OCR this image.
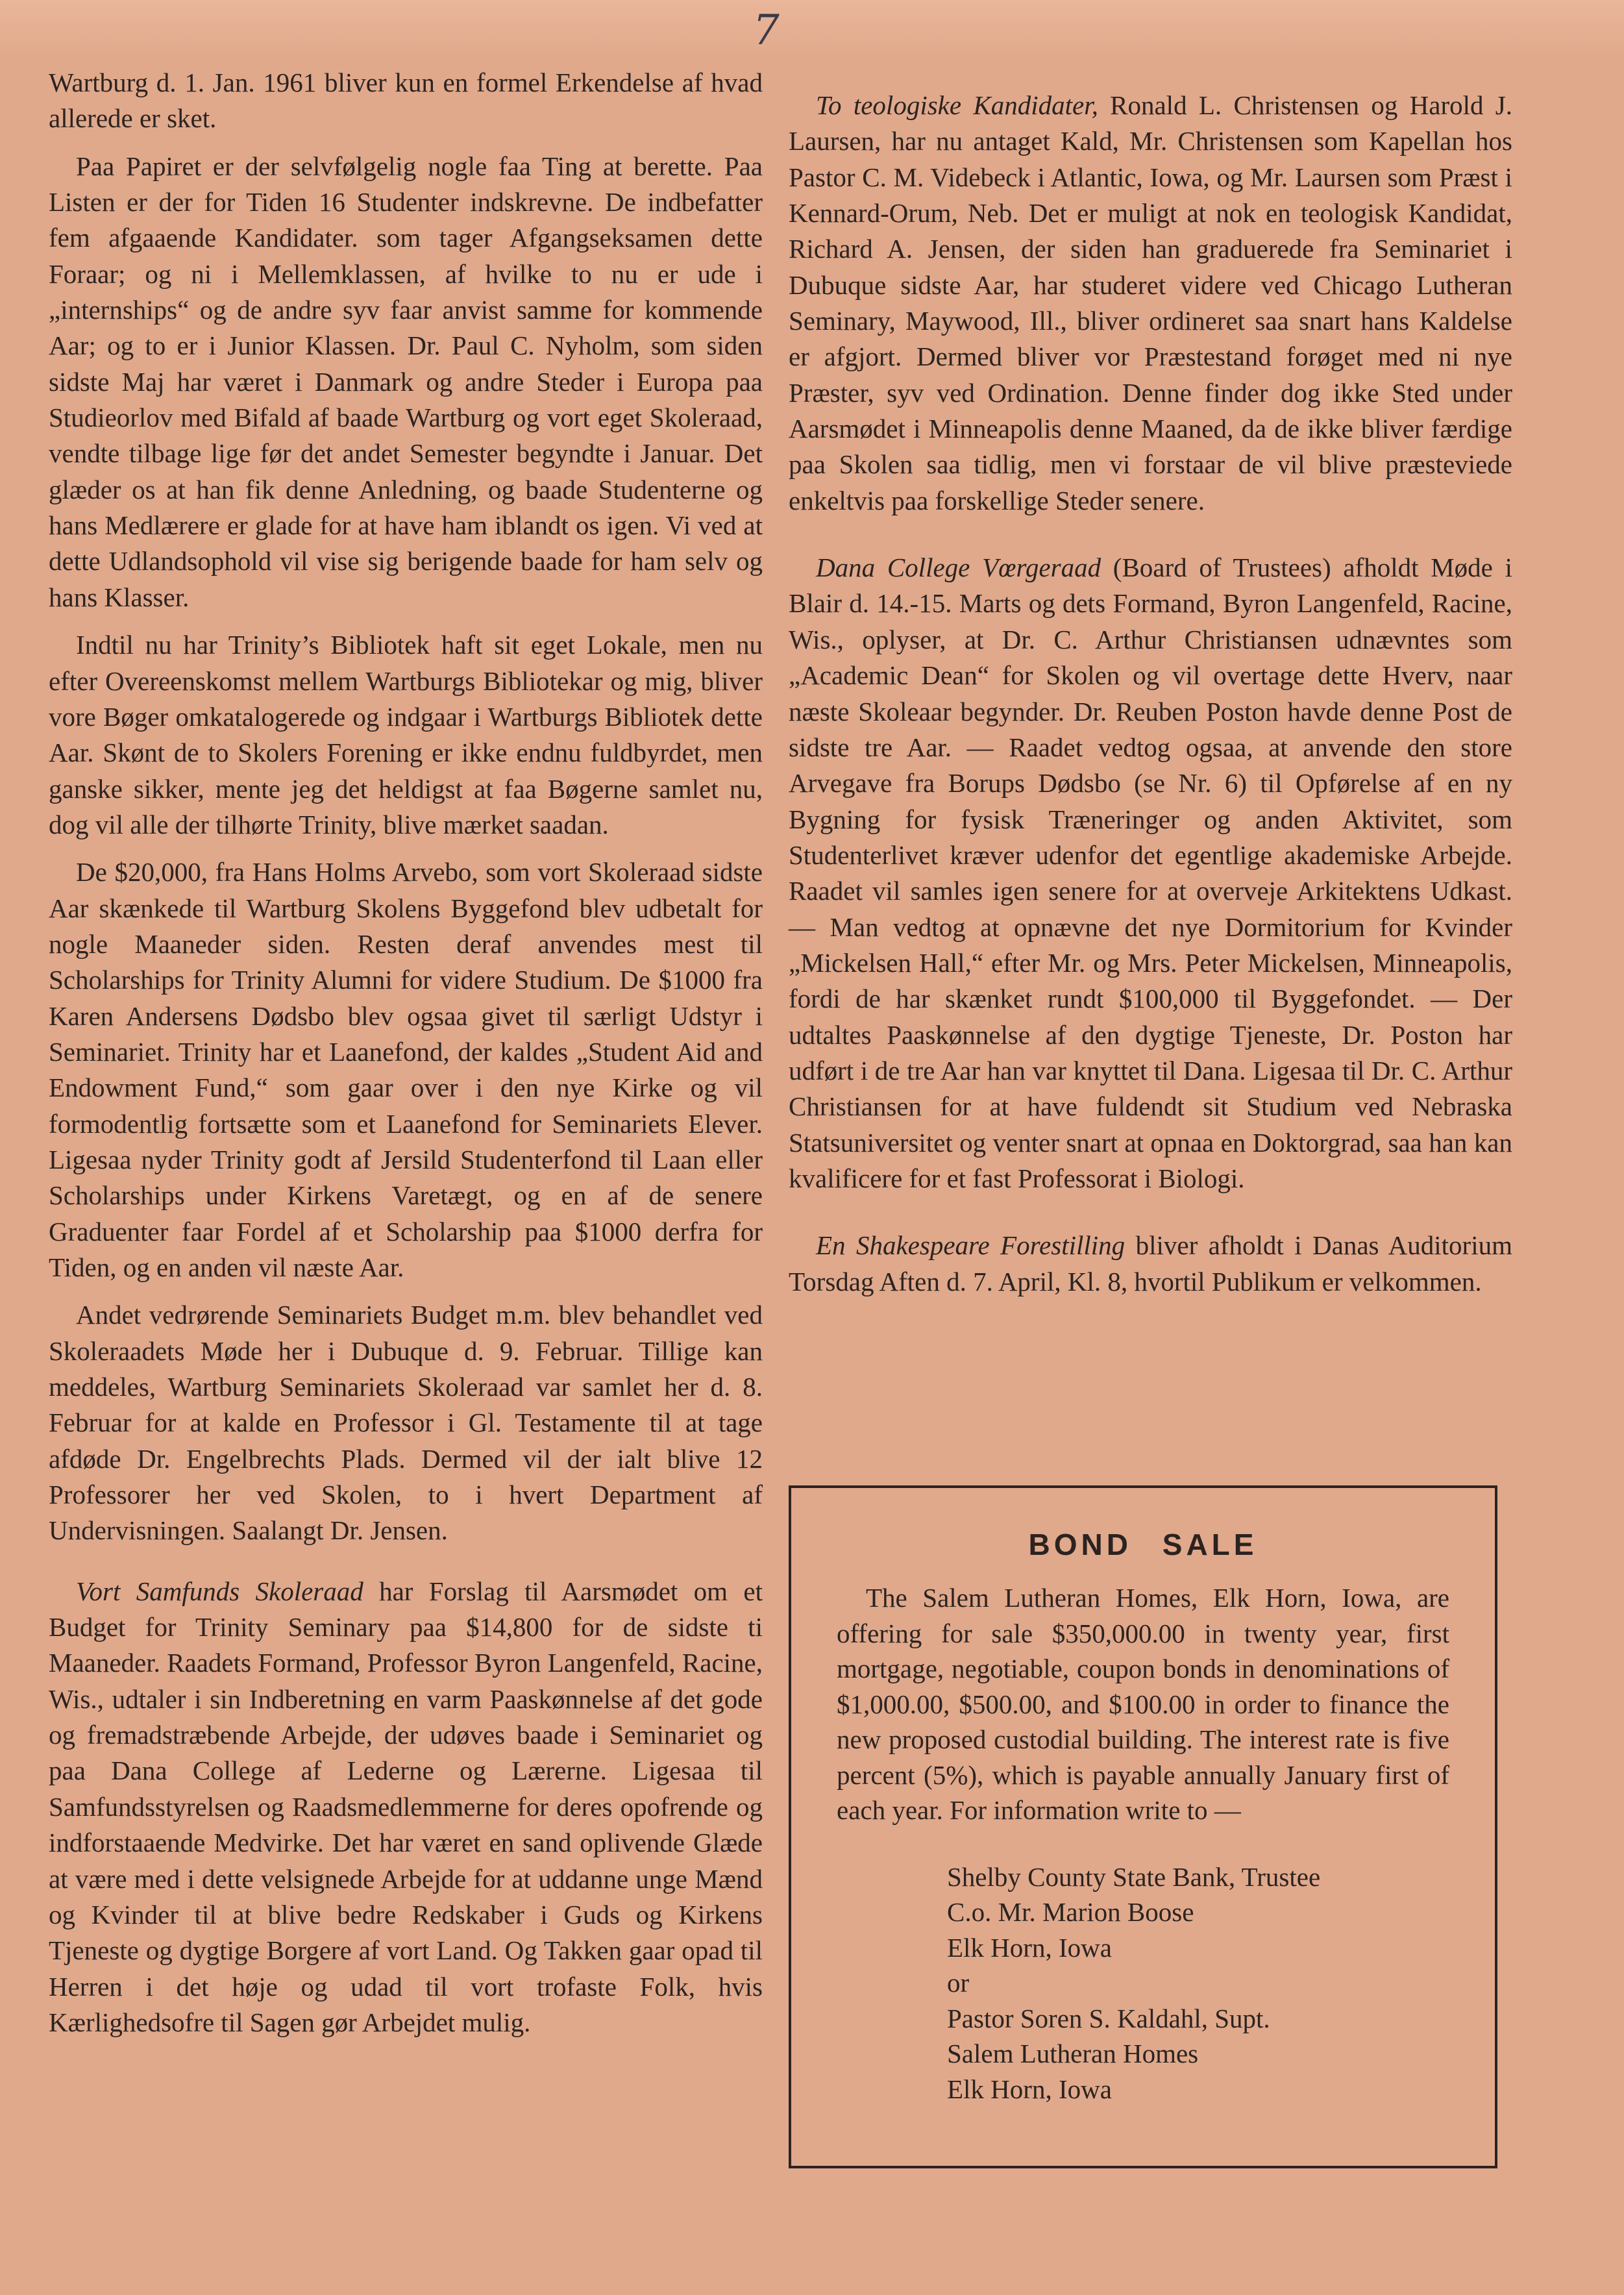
7

Wartburg d. 1. Jan. 1961 bliver kun en formel Erkendelse af hvad allerede er sket.

Paa Papiret er der selvfølgelig nogle faa Ting at berette. Paa Listen er der for Tiden 16 Studenter indskrevne. De indbefatter fem afgaaende Kandidater. som tager Afgangseksamen dette Foraar; og ni i Mellemklassen, af hvilke to nu er ude i „internships“ og de andre syv faar anvist samme for kommende Aar; og to er i Junior Klassen. Dr. Paul C. Nyholm, som siden sidste Maj har været i Danmark og andre Steder i Europa paa Studieorlov med Bifald af baade Wartburg og vort eget Skoleraad, vendte tilbage lige før det andet Semester begyndte i Januar. Det glæder os at han fik denne Anledning, og baade Studenterne og hans Medlærere er glade for at have ham iblandt os igen. Vi ved at dette Udlandsophold vil vise sig berigende baade for ham selv og hans Klasser.

Indtil nu har Trinity’s Bibliotek haft sit eget Lokale, men nu efter Overeenskomst mellem Wartburgs Bibliotekar og mig, bliver vore Bøger omkatalogerede og indgaar i Wartburgs Bibliotek dette Aar. Skønt de to Skolers Forening er ikke endnu fuldbyrdet, men ganske sikker, mente jeg det heldigst at faa Bøgerne samlet nu, dog vil alle der tilhørte Trinity, blive mærket saadan.

De $20,000, fra Hans Holms Arvebo, som vort Skoleraad sidste Aar skænkede til Wartburg Skolens Byggefond blev udbetalt for nogle Maaneder siden. Resten deraf anvendes mest til Scholarships for Trinity Alumni for videre Studium. De $1000 fra Karen Andersens Dødsbo blev ogsaa givet til særligt Udstyr i Seminariet. Trinity har et Laanefond, der kaldes „Student Aid and Endowment Fund,“ som gaar over i den nye Kirke og vil formodentlig fortsætte som et Laanefond for Seminariets Elever. Ligesaa nyder Trinity godt af Jersild Studenterfond til Laan eller Scholarships under Kirkens Varetægt, og en af de senere Graduenter faar Fordel af et Scholarship paa $1000 derfra for Tiden, og en anden vil næste Aar.

Andet vedrørende Seminariets Budget m.m. blev behandlet ved Skoleraadets Møde her i Dubuque d. 9. Februar. Tillige kan meddeles, Wartburg Seminariets Skoleraad var samlet her d. 8. Februar for at kalde en Professor i Gl. Testamente til at tage afdøde Dr. Engelbrechts Plads. Dermed vil der ialt blive 12 Professorer her ved Skolen, to i hvert Department af Undervisningen. Saalangt Dr. Jensen.

Vort Samfunds Skoleraad har Forslag til Aarsmødet om et Budget for Trinity Seminary paa $14,800 for de sidste ti Maaneder. Raadets Formand, Professor Byron Langenfeld, Racine, Wis., udtaler i sin Indberetning en varm Paaskønnelse af det gode og fremadstræbende Arbejde, der udøves baade i Seminariet og paa Dana College af Lederne og Lærerne. Ligesaa til Samfundsstyrelsen og Raadsmedlemmerne for deres opofrende og indforstaaende Medvirke. Det har været en sand oplivende Glæde at være med i dette velsignede Arbejde for at uddanne unge Mænd og Kvinder til at blive bedre Redskaber i Guds og Kirkens Tjeneste og dygtige Borgere af vort Land. Og Takken gaar opad til Herren i det høje og udad til vort trofaste Folk, hvis Kærlighedsofre til Sagen gør Arbejdet mulig.

To teologiske Kandidater, Ronald L. Christensen og Harold J. Laursen, har nu antaget Kald, Mr. Christensen som Kapellan hos Pastor C. M. Videbeck i Atlantic, Iowa, og Mr. Laursen som Præst i Kennard-Orum, Neb. Det er muligt at nok en teologisk Kandidat, Richard A. Jensen, der siden han graduerede fra Seminariet i Dubuque sidste Aar, har studeret videre ved Chicago Lutheran Seminary, Maywood, Ill., bliver ordineret saa snart hans Kaldelse er afgjort. Dermed bliver vor Præstestand forøget med ni nye Præster, syv ved Ordination. Denne finder dog ikke Sted under Aarsmødet i Minneapolis denne Maaned, da de ikke bliver færdige paa Skolen saa tidlig, men vi forstaar de vil blive præsteviede enkeltvis paa forskellige Steder senere.

Dana College Vœrgeraad (Board of Trustees) afholdt Møde i Blair d. 14.-15. Marts og dets Formand, Byron Langenfeld, Racine, Wis., oplyser, at Dr. C. Arthur Christiansen udnævntes som „Academic Dean“ for Skolen og vil overtage dette Hverv, naar næste Skoleaar begynder. Dr. Reuben Poston havde denne Post de sidste tre Aar. — Raadet vedtog ogsaa, at anvende den store Arvegave fra Borups Dødsbo (se Nr. 6) til Opførelse af en ny Bygning for fysisk Træneringer og anden Aktivitet, som Studenterlivet kræver udenfor det egentlige akademiske Arbejde. Raadet vil samles igen senere for at overveje Arkitektens Udkast. — Man vedtog at opnævne det nye Dormitorium for Kvinder „Mickelsen Hall,“ efter Mr. og Mrs. Peter Mickelsen, Minneapolis, fordi de har skænket rundt $100,000 til Byggefondet. — Der udtaltes Paaskønnelse af den dygtige Tjeneste, Dr. Poston har udført i de tre Aar han var knyttet til Dana. Ligesaa til Dr. C. Arthur Christiansen for at have fuldendt sit Studium ved Nebraska Statsuniversitet og venter snart at opnaa en Doktorgrad, saa han kan kvalificere for et fast Professorat i Biologi.

En Shakespeare Forestilling bliver afholdt i Danas Auditorium Torsdag Aften d. 7. April, Kl. 8, hvortil Publikum er velkommen.

BOND SALE
The Salem Lutheran Homes, Elk Horn, Iowa, are offering for sale $350,000.00 in twenty year, first mortgage, negotiable, coupon bonds in denominations of $1,000.00, $500.00, and $100.00 in order to finance the new proposed custodial building. The interest rate is five percent (5%), which is payable annually January first of each year. For information write to —
Shelby County State Bank, Trustee
C.o. Mr. Marion Boose
Elk Horn, Iowa
or
Pastor Soren S. Kaldahl, Supt.
Salem Lutheran Homes
Elk Horn, Iowa
